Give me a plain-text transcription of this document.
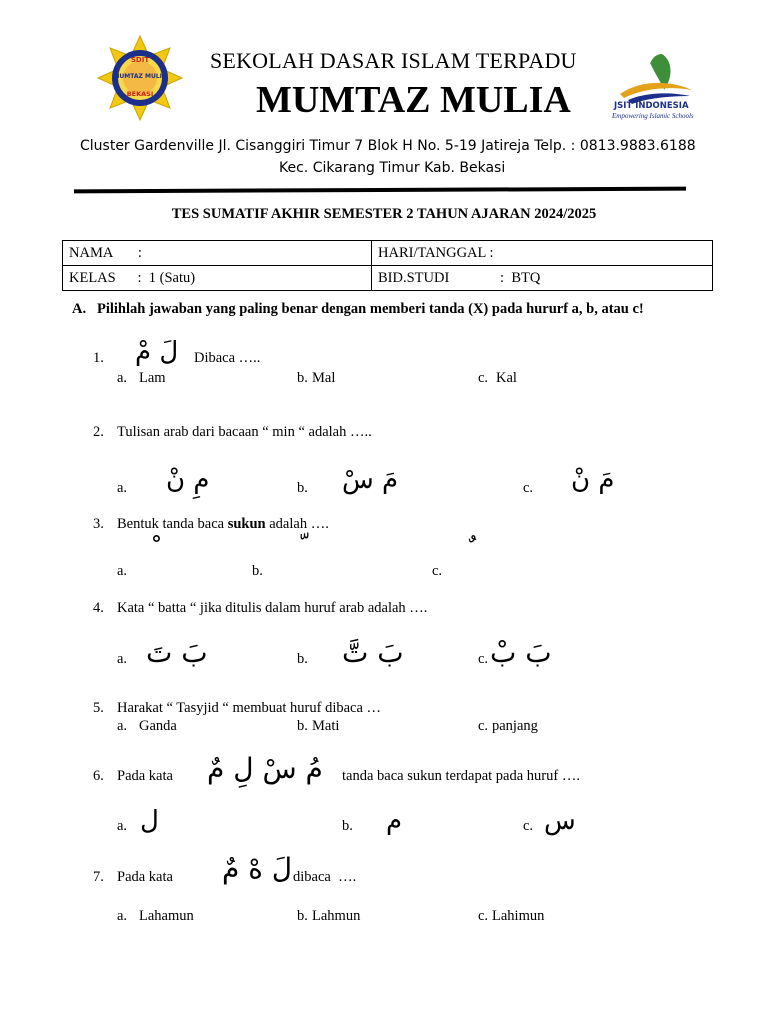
SDIT
MUMTAZ MULIA
BEKASI
SEKOLAH DASAR ISLAM TERPADU
MUMTAZ MULIA	JSIT INDONESIA
Empowering Islamic Schools
Cluster Gardenville Jl. Cisanggiri Timur 7 Blok H No. 5-19 Jatireja Telp. : 0813.9883.6188
Kec. Cikarang Timur Kab. Bekasi
TES SUMATIF AKHIR SEMESTER 2 TAHUN AJARAN 2024/2025
NAMA       :	HARI/TANGGAL :
KELAS      :  1 (Satu)	BID.STUDI              :  BTQ
A.   Pilihlah jawaban yang paling benar dengan memberi tanda (X) pada hururf a, b, atau c!
1. لَ مْ Dibaca …..
a. Lam	b. Mal	c. Kal
2. Tulisan arab dari bacaan “ min “ adalah …..
a. مِ نْ	b. مَ سْ	c. مَ نْ
3. Bentuk tanda baca sukun adalah ….
a.	b.	c.
4. Kata “ batta “ jika ditulis dalam huruf arab adalah ….
a. بَ تَ	b. بَ تَّ	c. بَ بْ
5. Harakat “ Tasyjid “ membuat huruf dibaca …
a. Ganda	b. Mati	c. panjang
6. Pada kata مُ سْ لِ مٌ tanda baca sukun terdapat pada huruf ….
a. ل	b. م	c. س
7. Pada kata لَ هْ مٌ dibaca  ….
a. Lahamun	b. Lahmun	c. Lahimun
